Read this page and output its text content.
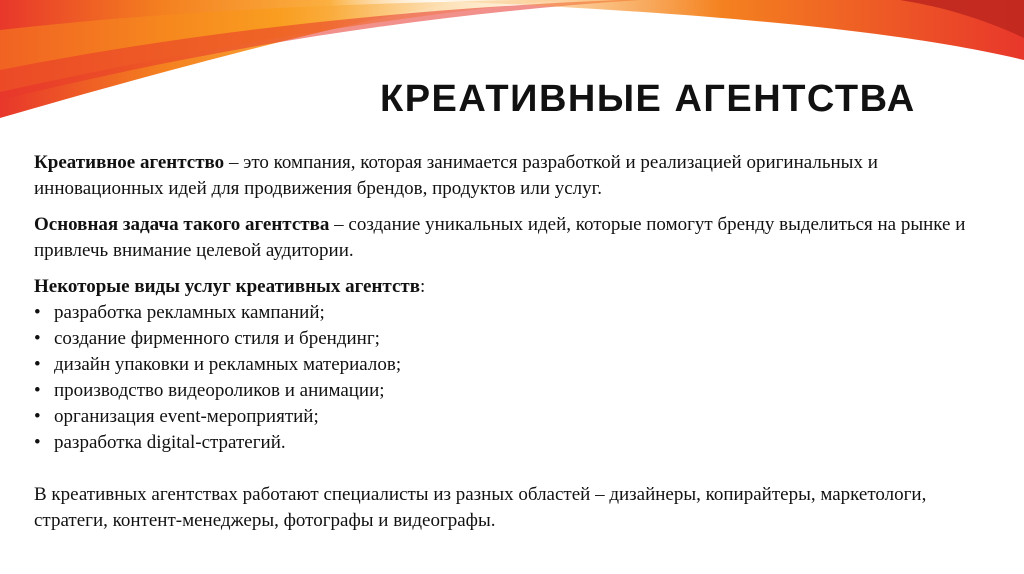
КРЕАТИВНЫЕ АГЕНТСТВА

Креативное агентство – это компания, которая занимается разработкой и реализацией оригинальных и инновационных идей для продвижения брендов, продуктов или услуг.

Основная задача такого агентства – создание уникальных идей, которые помогут бренду выделиться на рынке и привлечь внимание целевой аудитории.

Некоторые виды услуг креативных агентств:

• разработка рекламных кампаний;
• создание фирменного стиля и брендинг;
• дизайн упаковки и рекламных материалов;
• производство видеороликов и анимации;
• организация event-мероприятий;
• разработка digital-стратегий.

В креативных агентствах работают специалисты из разных областей – дизайнеры, копирайтеры, маркетологи, стратеги, контент-менеджеры, фотографы и видеографы.
